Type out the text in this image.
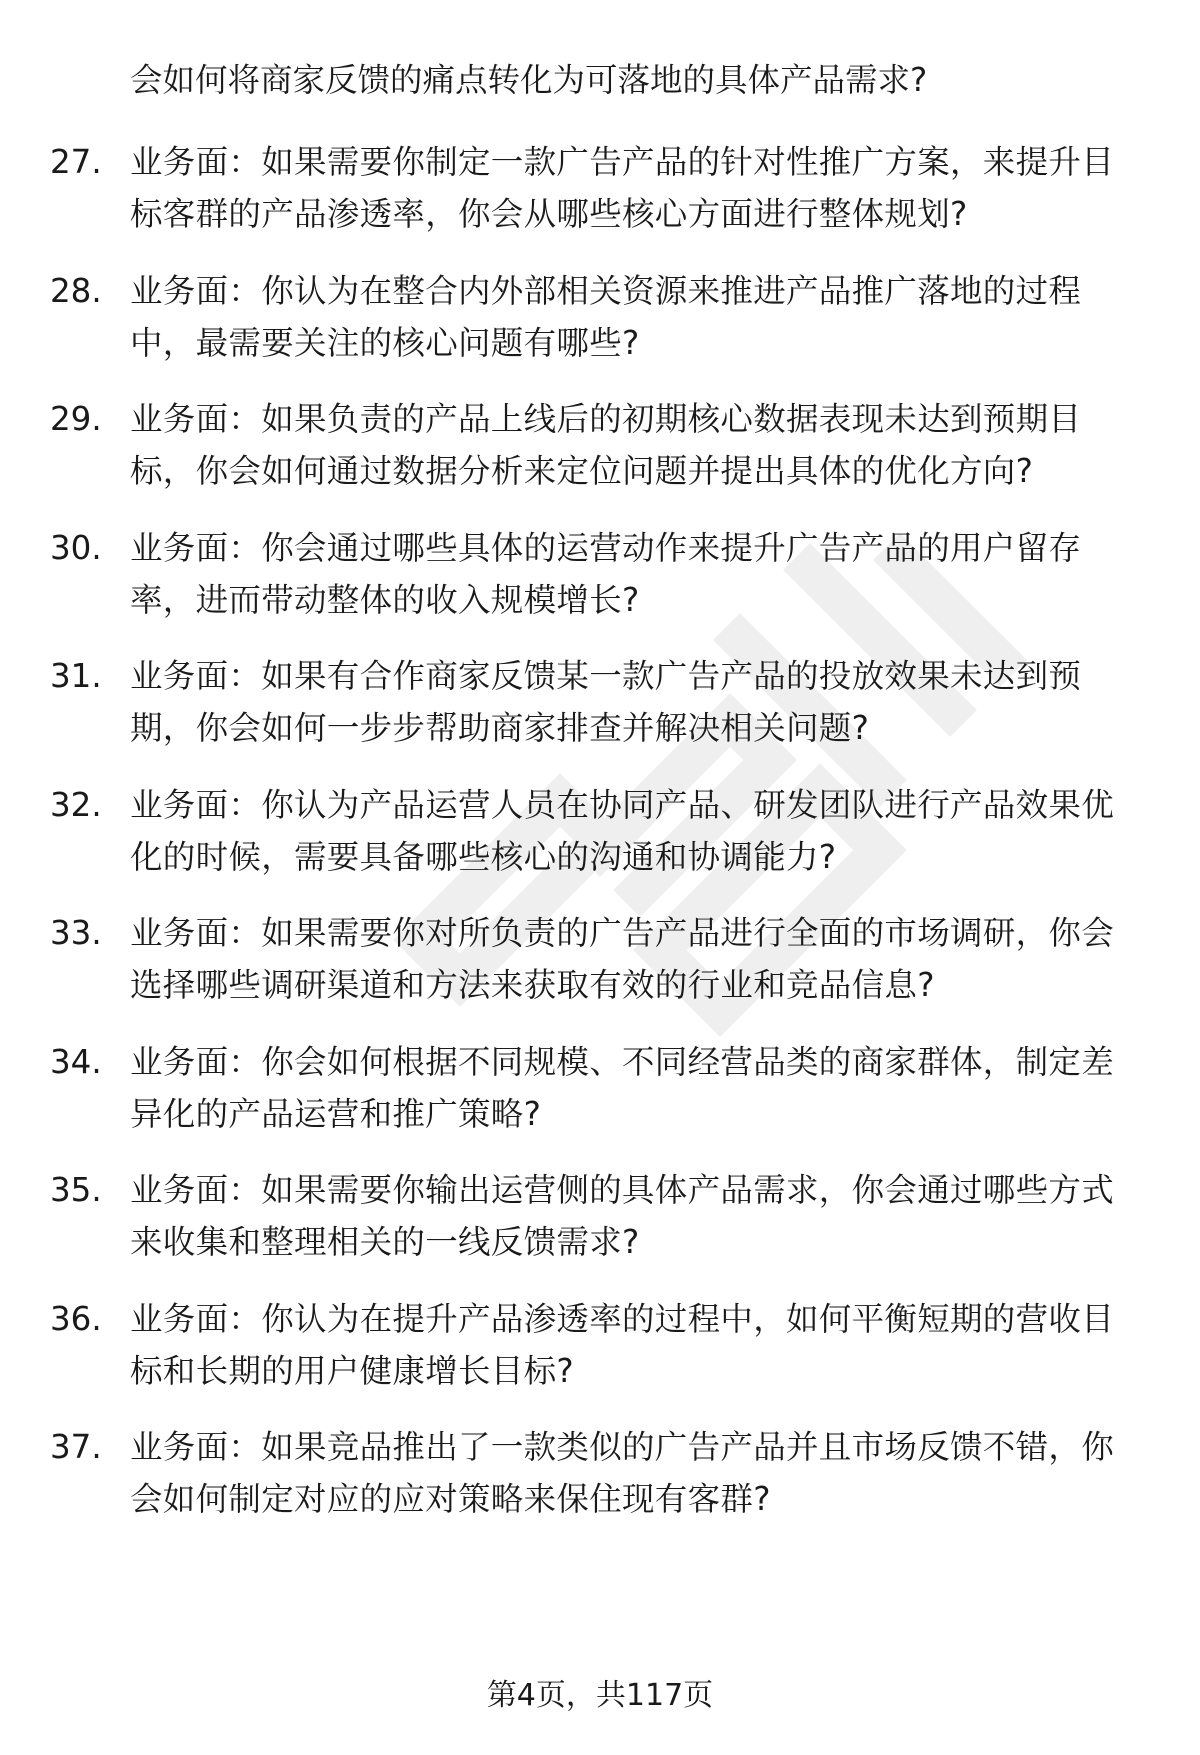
会如何将商家反馈的痛点转化为可落地的具体产品需求?

27. 业务面：如果需要你制定一款广告产品的针对性推广方案，来提升目标客群的产品渗透率，你会从哪些核心方面进行整体规划?
28. 业务面：你认为在整合内外部相关资源来推进产品推广落地的过程中，最需要关注的核心问题有哪些?
29. 业务面：如果负责的产品上线后的初期核心数据表现未达到预期目标，你会如何通过数据分析来定位问题并提出具体的优化方向?
30. 业务面：你会通过哪些具体的运营动作来提升广告产品的用户留存率，进而带动整体的收入规模增长?
31. 业务面：如果有合作商家反馈某一款广告产品的投放效果未达到预期，你会如何一步步帮助商家排查并解决相关问题?
32. 业务面：你认为产品运营人员在协同产品、研发团队进行产品效果优化的时候，需要具备哪些核心的沟通和协调能力?
33. 业务面：如果需要你对所负责的广告产品进行全面的市场调研，你会选择哪些调研渠道和方法来获取有效的行业和竞品信息?
34. 业务面：你会如何根据不同规模、不同经营品类的商家群体，制定差异化的产品运营和推广策略?
35. 业务面：如果需要你输出运营侧的具体产品需求，你会通过哪些方式来收集和整理相关的一线反馈需求?
36. 业务面：你认为在提升产品渗透率的过程中，如何平衡短期的营收目标和长期的用户健康增长目标?
37. 业务面：如果竞品推出了一款类似的广告产品并且市场反馈不错，你会如何制定对应的应对策略来保住现有客群?
第4页，共117页
